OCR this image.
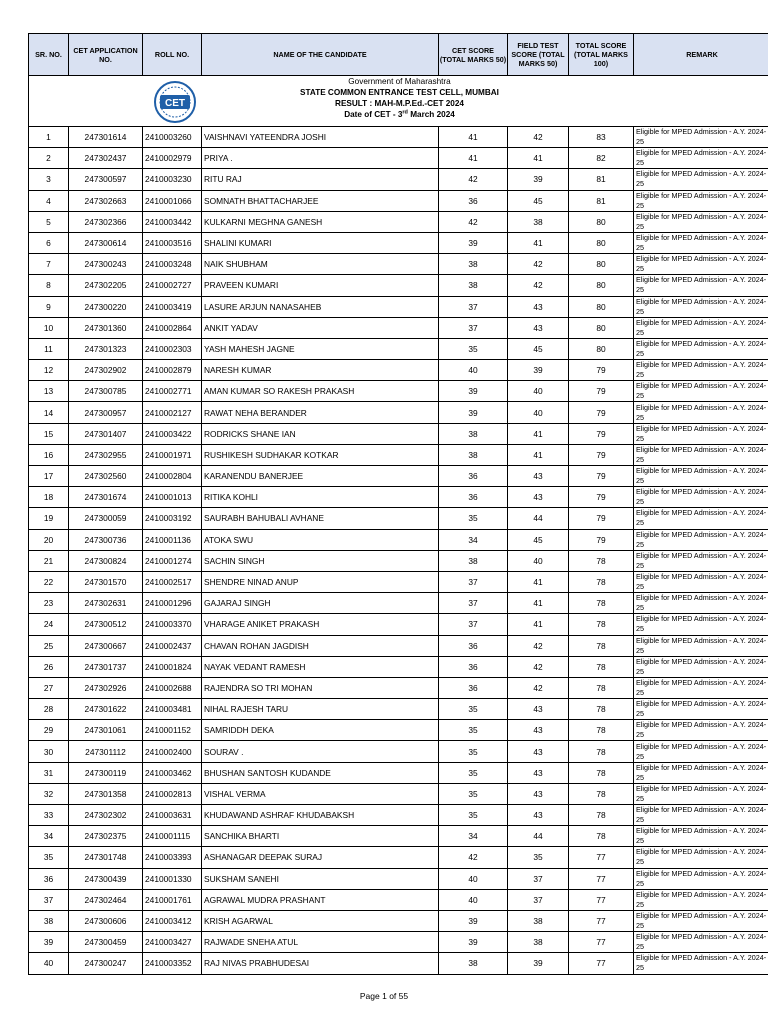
CET
Government of Maharashtra
STATE COMMON ENTRANCE TEST CELL, MUMBAI
RESULT : MAH-M.P.Ed.-CET 2024
Date of CET - 3rd March 2024							

SR. NO.	CET APPLICATION NO.	ROLL NO.	NAME OF THE CANDIDATE	CET SCORE (TOTAL MARKS 50)	FIELD TEST SCORE (TOTAL MARKS 50)	TOTAL SCORE (TOTAL MARKS 100)	REMARK
1	247301614	2410003260	VAISHNAVI YATEENDRA JOSHI	41	42	83	Eligible for MPED Admission - A.Y. 2024-25
2	247302437	2410002979	PRIYA .	41	41	82	Eligible for MPED Admission - A.Y. 2024-25
3	247300597	2410003230	RITU RAJ	42	39	81	Eligible for MPED Admission - A.Y. 2024-25
4	247302663	2410001066	SOMNATH BHATTACHARJEE	36	45	81	Eligible for MPED Admission - A.Y. 2024-25
5	247302366	2410003442	KULKARNI MEGHNA GANESH	42	38	80	Eligible for MPED Admission - A.Y. 2024-25
6	247300614	2410003516	SHALINI KUMARI	39	41	80	Eligible for MPED Admission - A.Y. 2024-25
7	247300243	2410003248	NAIK SHUBHAM	38	42	80	Eligible for MPED Admission - A.Y. 2024-25
8	247302205	2410002727	PRAVEEN KUMARI	38	42	80	Eligible for MPED Admission - A.Y. 2024-25
9	247300220	2410003419	LASURE ARJUN NANASAHEB	37	43	80	Eligible for MPED Admission - A.Y. 2024-25
10	247301360	2410002864	ANKIT YADAV	37	43	80	Eligible for MPED Admission - A.Y. 2024-25
11	247301323	2410002303	YASH MAHESH JAGNE	35	45	80	Eligible for MPED Admission - A.Y. 2024-25
12	247302902	2410002879	NARESH KUMAR	40	39	79	Eligible for MPED Admission - A.Y. 2024-25
13	247300785	2410002771	AMAN KUMAR SO RAKESH PRAKASH	39	40	79	Eligible for MPED Admission - A.Y. 2024-25
14	247300957	2410002127	RAWAT NEHA BERANDER	39	40	79	Eligible for MPED Admission - A.Y. 2024-25
15	247301407	2410003422	RODRICKS SHANE IAN	38	41	79	Eligible for MPED Admission - A.Y. 2024-25
16	247302955	2410001971	RUSHIKESH SUDHAKAR KOTKAR	38	41	79	Eligible for MPED Admission - A.Y. 2024-25
17	247302560	2410002804	KARANENDU BANERJEE	36	43	79	Eligible for MPED Admission - A.Y. 2024-25
18	247301674	2410001013	RITIKA KOHLI	36	43	79	Eligible for MPED Admission - A.Y. 2024-25
19	247300059	2410003192	SAURABH BAHUBALI AVHANE	35	44	79	Eligible for MPED Admission - A.Y. 2024-25
20	247300736	2410001136	ATOKA SWU	34	45	79	Eligible for MPED Admission - A.Y. 2024-25
21	247300824	2410001274	SACHIN SINGH	38	40	78	Eligible for MPED Admission - A.Y. 2024-25
22	247301570	2410002517	SHENDRE NINAD ANUP	37	41	78	Eligible for MPED Admission - A.Y. 2024-25
23	247302631	2410001296	GAJARAJ SINGH	37	41	78	Eligible for MPED Admission - A.Y. 2024-25
24	247300512	2410003370	VHARAGE ANIKET PRAKASH	37	41	78	Eligible for MPED Admission - A.Y. 2024-25
25	247300667	2410002437	CHAVAN ROHAN JAGDISH	36	42	78	Eligible for MPED Admission - A.Y. 2024-25
26	247301737	2410001824	NAYAK VEDANT RAMESH	36	42	78	Eligible for MPED Admission - A.Y. 2024-25
27	247302926	2410002688	RAJENDRA SO TRI MOHAN	36	42	78	Eligible for MPED Admission - A.Y. 2024-25
28	247301622	2410003481	NIHAL RAJESH TARU	35	43	78	Eligible for MPED Admission - A.Y. 2024-25
29	247301061	2410001152	SAMRIDDH DEKA	35	43	78	Eligible for MPED Admission - A.Y. 2024-25
30	247301112	2410002400	SOURAV .	35	43	78	Eligible for MPED Admission - A.Y. 2024-25
31	247300119	2410003462	BHUSHAN SANTOSH KUDANDE	35	43	78	Eligible for MPED Admission - A.Y. 2024-25
32	247301358	2410002813	VISHAL VERMA	35	43	78	Eligible for MPED Admission - A.Y. 2024-25
33	247302302	2410003631	KHUDAWAND ASHRAF KHUDABAKSH	35	43	78	Eligible for MPED Admission - A.Y. 2024-25
34	247302375	2410001115	SANCHIKA BHARTI	34	44	78	Eligible for MPED Admission - A.Y. 2024-25
35	247301748	2410003393	ASHANAGAR DEEPAK SURAJ	42	35	77	Eligible for MPED Admission - A.Y. 2024-25
36	247300439	2410001330	SUKSHAM SANEHI	40	37	77	Eligible for MPED Admission - A.Y. 2024-25
37	247302464	2410001761	AGRAWAL MUDRA PRASHANT	40	37	77	Eligible for MPED Admission - A.Y. 2024-25
38	247300606	2410003412	KRISH AGARWAL	39	38	77	Eligible for MPED Admission - A.Y. 2024-25
39	247300459	2410003427	RAJWADE SNEHA ATUL	39	38	77	Eligible for MPED Admission - A.Y. 2024-25
40	247300247	2410003352	RAJ NIVAS PRABHUDESAI	38	39	77	Eligible for MPED Admission - A.Y. 2024-25
Page 1 of 55
